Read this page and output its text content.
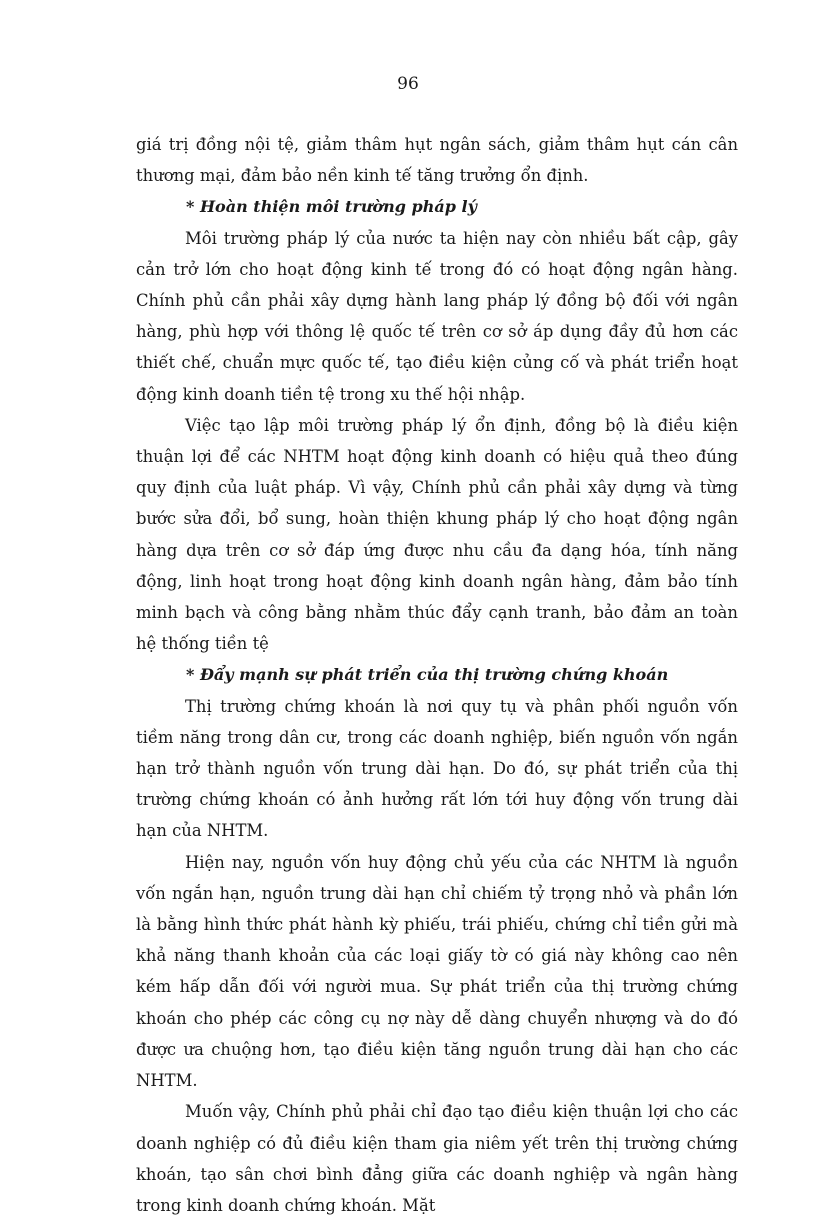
96

giá trị đồng nội tệ, giảm thâm hụt ngân sách, giảm thâm hụt cán cân thương mại, đảm bảo nền kinh tế tăng trưởng ổn định.

* Hoàn thiện môi trường pháp lý

Môi trường pháp lý của nước ta hiện nay còn nhiều bất cập, gây cản trở lớn cho hoạt động kinh tế trong đó có hoạt động ngân hàng. Chính phủ cần phải xây dựng hành lang pháp lý đồng bộ đối với ngân hàng, phù hợp với thông lệ quốc tế trên cơ sở áp dụng đầy đủ hơn các thiết chế, chuẩn mực quốc tế, tạo điều kiện củng cố và phát triển hoạt động kinh doanh tiền tệ trong xu thế hội nhập.

Việc tạo lập môi trường pháp lý ổn định, đồng bộ là điều kiện thuận lợi để các NHTM hoạt động kinh doanh có hiệu quả theo đúng quy định của luật pháp. Vì vậy, Chính phủ cần phải xây dựng và từng bước sửa đổi, bổ sung, hoàn thiện khung pháp lý cho hoạt động ngân hàng dựa trên cơ sở đáp ứng được nhu cầu đa dạng hóa, tính năng động, linh hoạt trong hoạt động kinh doanh ngân hàng, đảm bảo tính minh bạch và công bằng nhằm thúc đẩy cạnh tranh, bảo đảm an toàn hệ thống tiền tệ

* Đẩy mạnh sự phát triển của thị trường chứng khoán

Thị trường chứng khoán là nơi quy tụ và phân phối nguồn vốn tiềm năng trong dân cư, trong các doanh nghiệp, biến nguồn vốn ngắn hạn trở thành nguồn vốn trung dài hạn. Do đó, sự phát triển của thị trường chứng khoán có ảnh hưởng rất lớn tới huy động vốn trung dài hạn của NHTM.

Hiện nay, nguồn vốn huy động chủ yếu của các NHTM là nguồn vốn ngắn hạn, nguồn trung dài hạn chỉ chiếm tỷ trọng nhỏ và phần lớn là bằng hình thức phát hành kỳ phiếu, trái phiếu, chứng chỉ tiền gửi mà khả năng thanh khoản của các loại giấy tờ có giá này không cao nên kém hấp dẫn đối với người mua. Sự phát triển của thị trường chứng khoán cho phép các công cụ nợ này dễ dàng chuyển nhượng và do đó được ưa chuộng hơn, tạo điều kiện tăng nguồn trung dài hạn cho các NHTM.

Muốn vậy, Chính phủ phải chỉ đạo tạo điều kiện thuận lợi cho các doanh nghiệp có đủ điều kiện tham gia niêm yết trên thị trường chứng khoán, tạo sân chơi bình đẳng giữa các doanh nghiệp và ngân hàng trong kinh doanh chứng khoán. Mặt
